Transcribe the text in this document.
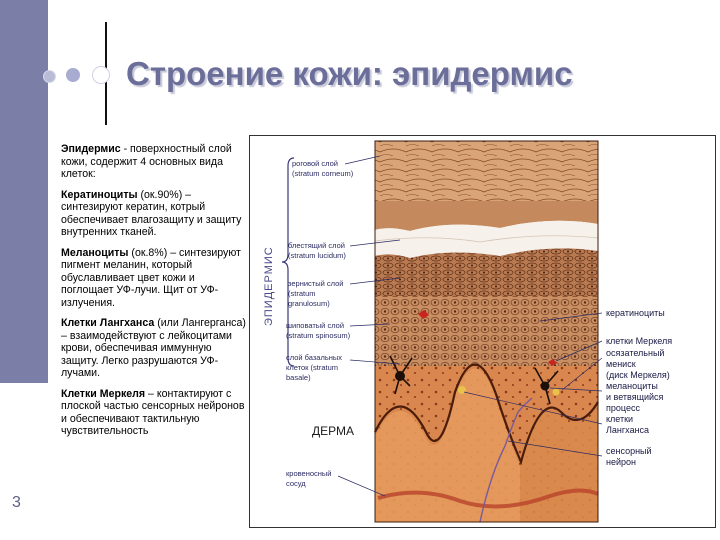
Строение кожи: эпидермис

Эпидермис - поверхностный слой кожи, содержит 4 основных вида клеток:

Кератиноциты (ок.90%) – синтезируют кератин, котрый обеспечивает влагозащиту и защиту внутренних тканей.

Меланоциты (ок.8%) – синтезируют пигмент меланин, который обуславливает цвет кожи и поглощает УФ-лучи. Щит от УФ-излучения.

Клетки Лангханса (или Лангерганса) – взаимодействуют с лейкоцитами крови, обеспечивая иммунную защиту. Легко разрушаются УФ-лучами.

Клетки Меркеля – контактируют с плоской частью сенсорных нейронов и обеспечивают тактильную чувствительность

3
ЭПИДЕРМИС
роговой слой
(stratum corneum)
блестящий слой
(stratum lucidum)
зернистый слой
(stratum
granulosum)
шиповатый слой
(stratum spinosum)
слой базальных
клеток (stratum
basale)
ДЕРМА
кровеносный
сосуд
кератиноциты
клетки Меркеля
осязательный
мениск
(диск Меркеля)
меланоциты
и ветвящийся
процесс
клетки
Лангханса
сенсорный
нейрон
